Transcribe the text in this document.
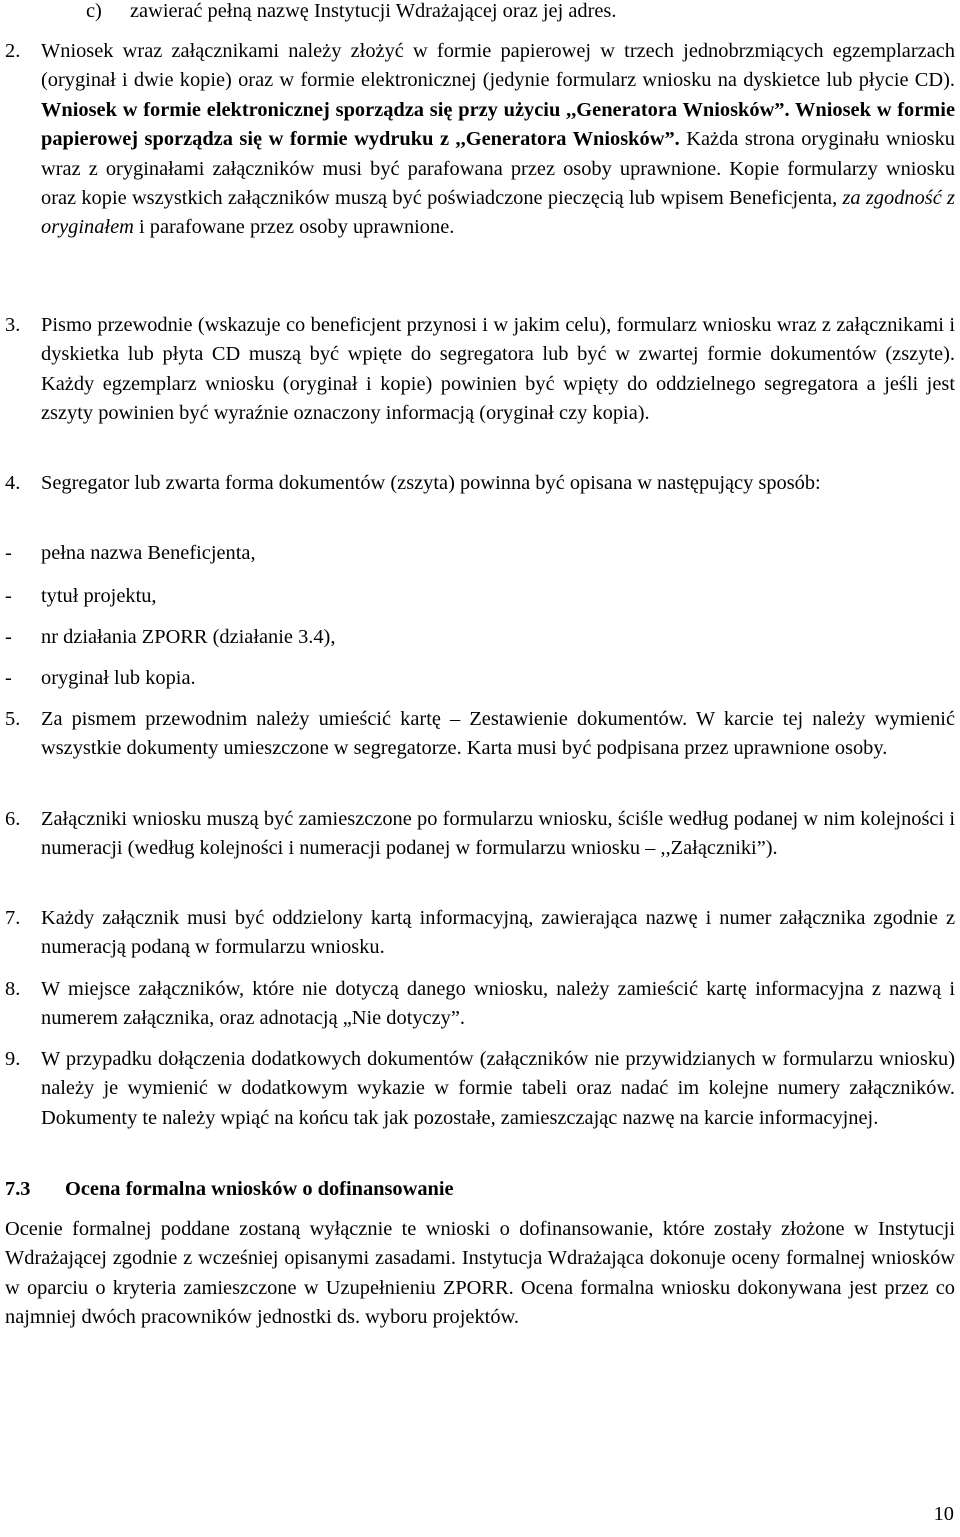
c) zawierać pełną nazwę Instytucji Wdrażającej oraz jej adres.
2. Wniosek wraz załącznikami należy złożyć w formie papierowej w trzech jednobrzmiących egzemplarzach (oryginał i dwie kopie) oraz w formie elektronicznej (jedynie formularz wniosku na dyskietce lub płycie CD). Wniosek w formie elektronicznej sporządza się przy użyciu ,,Generatora Wniosków”. Wniosek w formie papierowej sporządza się w formie wydruku z ,,Generatora Wniosków”. Każda strona oryginału wniosku wraz z oryginałami załączników musi być parafowana przez osoby uprawnione. Kopie formularzy wniosku oraz kopie wszystkich załączników muszą być poświadczone pieczęcią lub wpisem Beneficjenta, za zgodność z oryginałem i parafowane przez osoby uprawnione.
3. Pismo przewodnie (wskazuje co beneficjent przynosi i w jakim celu), formularz wniosku wraz z załącznikami i dyskietka lub płyta CD muszą być wpięte do segregatora lub być w zwartej formie dokumentów (zszyte). Każdy egzemplarz wniosku (oryginał i kopie) powinien być wpięty do oddzielnego segregatora a jeśli jest zszyty powinien być wyraźnie oznaczony informacją (oryginał czy kopia).
4. Segregator lub zwarta forma dokumentów (zszyta) powinna być opisana w następujący sposób:
- pełna nazwa Beneficjenta,
- tytuł projektu,
- nr działania ZPORR (działanie 3.4),
- oryginał lub kopia.
5. Za pismem przewodnim należy umieścić kartę – Zestawienie dokumentów. W karcie tej należy wymienić wszystkie dokumenty umieszczone w segregatorze. Karta musi być podpisana przez uprawnione osoby.
6. Załączniki wniosku muszą być zamieszczone po formularzu wniosku, ściśle według podanej w nim kolejności i numeracji (według kolejności i numeracji podanej w formularzu wniosku – ,,Załączniki”).
7. Każdy załącznik musi być oddzielony kartą informacyjną, zawierająca nazwę i numer załącznika zgodnie z numeracją podaną w formularzu wniosku.
8. W miejsce załączników, które nie dotyczą danego wniosku, należy zamieścić kartę informacyjna z nazwą i numerem załącznika, oraz adnotacją „Nie dotyczy”.
9. W przypadku dołączenia dodatkowych dokumentów (załączników nie przywidzianych w formularzu wniosku) należy je wymienić w dodatkowym wykazie w formie tabeli oraz nadać im kolejne numery załączników. Dokumenty te należy wpiąć na końcu tak jak pozostałe, zamieszczając nazwę na karcie informacyjnej.
7.3 Ocena formalna wniosków o dofinansowanie
Ocenie formalnej poddane zostaną wyłącznie te wnioski o dofinansowanie, które zostały złożone w Instytucji Wdrażającej zgodnie z wcześniej opisanymi zasadami. Instytucja Wdrażająca dokonuje oceny formalnej wniosków w oparciu o kryteria zamieszczone w Uzupełnieniu ZPORR. Ocena formalna wniosku dokonywana jest przez co najmniej dwóch pracowników jednostki ds. wyboru projektów.
10
